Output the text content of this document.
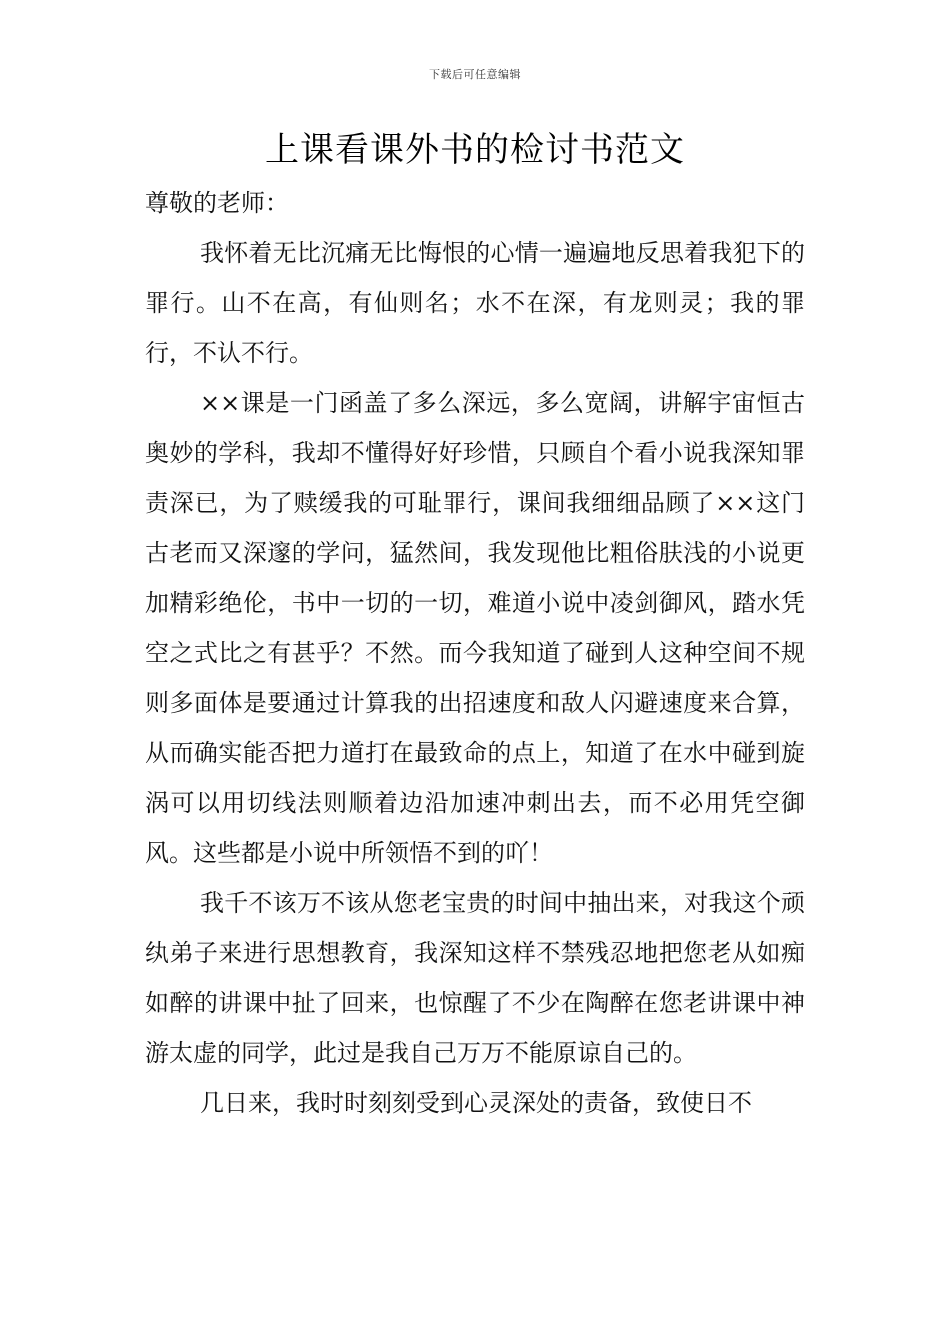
下载后可任意编辑
上课看课外书的检讨书范文

尊敬的老师：

我怀着无比沉痛无比悔恨的心情一遍遍地反思着我犯下的罪行。山不在高，有仙则名；水不在深，有龙则灵；我的罪行，不认不行。

××课是一门函盖了多么深远，多么宽阔，讲解宇宙恒古奥妙的学科，我却不懂得好好珍惜，只顾自个看小说我深知罪责深已，为了赎缓我的可耻罪行，课间我细细品顾了××这门古老而又深邃的学问，猛然间，我发现他比粗俗肤浅的小说更加精彩绝伦，书中一切的一切，难道小说中凌剑御风，踏水凭空之式比之有甚乎？不然。而今我知道了碰到人这种空间不规则多面体是要通过计算我的出招速度和敌人闪避速度来合算，从而确实能否把力道打在最致命的点上，知道了在水中碰到旋涡可以用切线法则顺着边沿加速冲刺出去，而不必用凭空御风。这些都是小说中所领悟不到的吖！

我千不该万不该从您老宝贵的时间中抽出来，对我这个顽纨弟子来进行思想教育，我深知这样不禁残忍地把您老从如痴如醉的讲课中扯了回来，也惊醒了不少在陶醉在您老讲课中神游太虚的同学，此过是我自己万万不能原谅自己的。

几日来，我时时刻刻受到心灵深处的责备，致使日不
